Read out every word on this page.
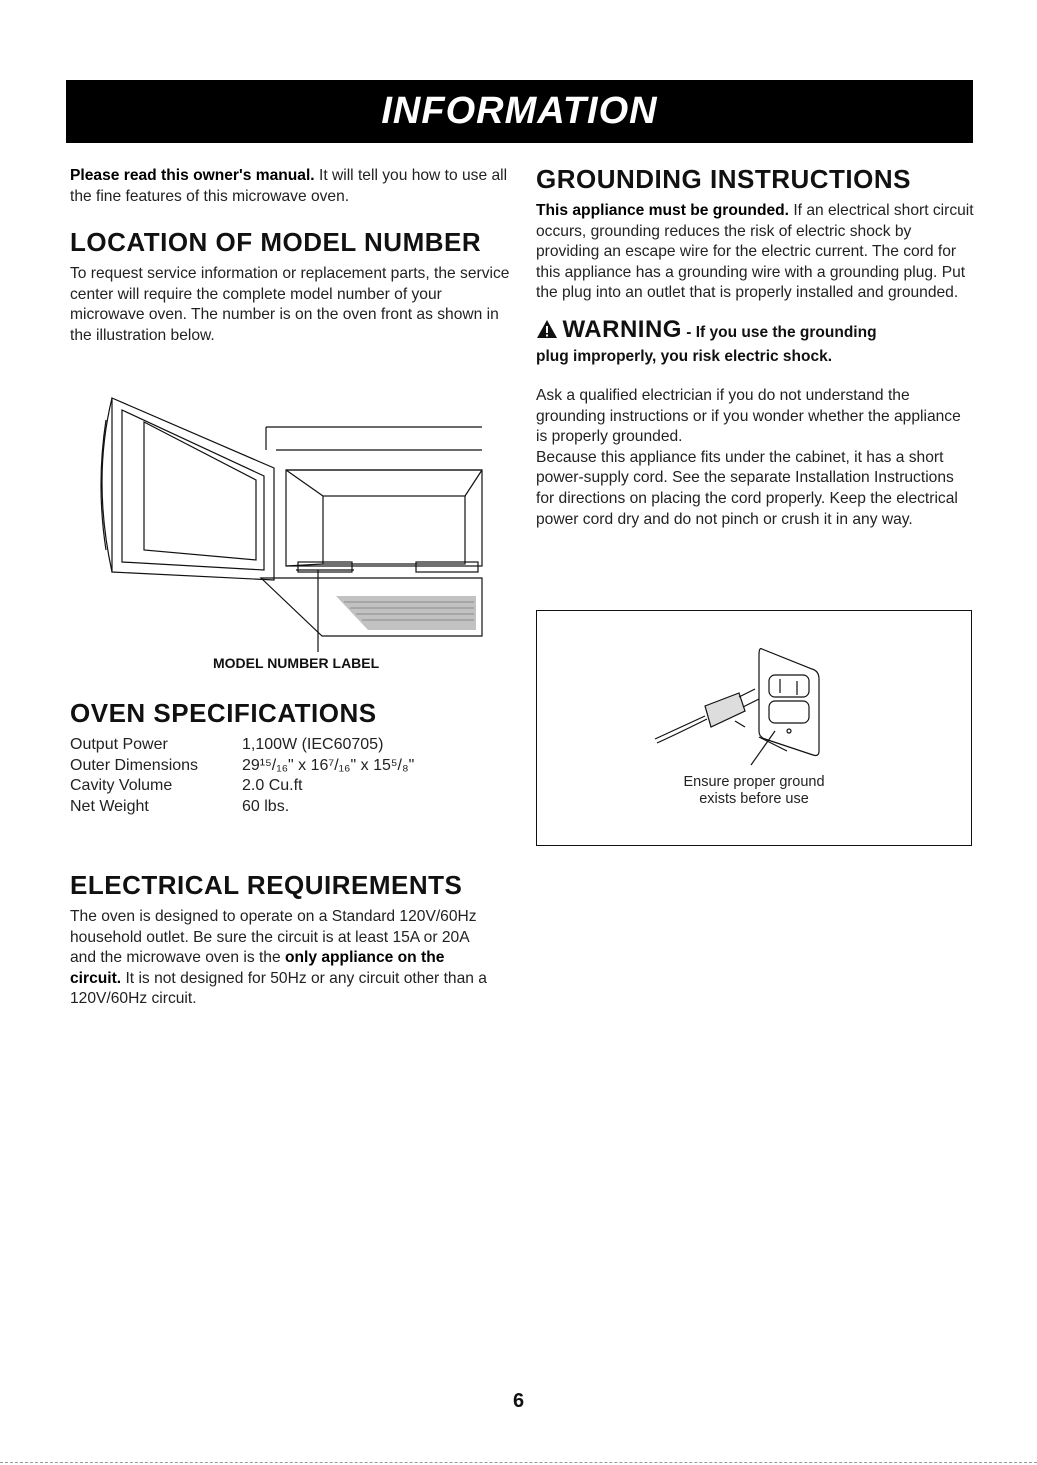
INFORMATION

Please read this owner's manual. It will tell you how to use all the fine features of this microwave oven.

LOCATION OF MODEL NUMBER

To request service information or replacement parts, the service center will require the complete model number of your microwave oven. The number is on the oven front as shown in the illustration below.

MODEL NUMBER LABEL
OVEN SPECIFICATIONS
Output Power	1,100W (IEC60705)
Outer Dimensions	29¹⁵/₁₆" x 16⁷/₁₆" x 15⁵/₈"
Cavity Volume	2.0 Cu.ft
Net Weight	60 lbs.
ELECTRICAL REQUIREMENTS

The oven is designed to operate on a Standard 120V/60Hz household outlet. Be sure the circuit is at least 15A or 20A and the microwave oven is the only appliance on the circuit. It is not designed for 50Hz or any circuit other than a 120V/60Hz circuit.

GROUNDING INSTRUCTIONS

This appliance must be grounded. If an electrical short circuit occurs, grounding reduces the risk of electric shock by providing an escape wire for the electric current. The cord for this appliance has a grounding wire with a grounding plug. Put the plug into an outlet that is properly installed and grounded.

WARNING - If you use the grounding
plug improperly, you risk electric shock.

Ask a qualified electrician if you do not understand the grounding instructions or if you wonder whether the appliance is properly grounded.

Because this appliance fits under the cabinet, it has a short power-supply cord. See the separate Installation Instructions for directions on placing the cord properly. Keep the electrical power cord dry and do not pinch or crush it in any way.

Ensure proper ground
exists before use
6
